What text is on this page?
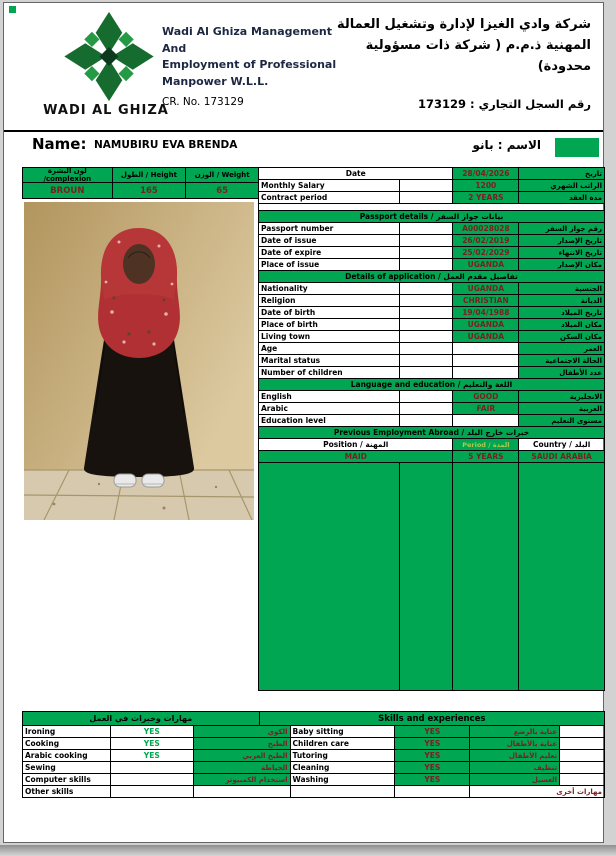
WADI AL GHIZA
Wadi Al Ghiza Management And
Employment of Professional
Manpower W.L.L.
CR. No. 173129
شركة وادي الغيزا لإدارة وتشغيل العمالة
المهنية ذ.م.م ( شركة ذات مسؤولية
محدودة)
رقم السجل التجاري : 173129
Name: NAMUBIRU EVA BRENDA	الاسم : بانو
لون البشرة /complexion	الطول / Height	الوزن / Weight
BROUN	165	65
Date	28/04/2026	تاريخ
Monthly Salary	1200	الراتب الشهري
Contract period	2 YEARS	مدة العقد
Passport details / بيانات جواز السفر
Passport number	A00028028	رقم جواز السفر
Date of issue	26/02/2019	تاريخ الإصدار
Date of expire	25/02/2029	تاريخ الانتهاء
Place of issue	UGANDA	مكان الإصدار
Details of application / تفاصيل مقدم العمل
Nationality	UGANDA	الجنسية
Religion	CHRISTIAN	الديانة
Date of birth	19/04/1988	تاريخ الميلاد
Place of birth	UGANDA	مكان الميلاد
Living town	UGANDA	مكان السكن
Age	العمر
Marital status	الحالة الاجتماعية
Number of children	عدد الأطفال
Language and education / اللغة والتعليم
English	GOOD	الانجليزية
Arabic	FAIR	العربية
Education level	مستوى التعليم
Previous Employment Abroad / خبرات خارج البلد
Position / المهنة	Period / المدة	Country / البلد
MAID	5 YEARS	SAUDI ARABIA
مهارات وخبرات في العمل	Skills and experiences
Ironing	YES	الكوي Baby sitting	YES	عناية بالرضع
Cooking	YES	الطبخ Children care	YES	عناية بالأطفال
Arabic cooking	YES	الطبخ العربي Tutoring	YES	تعليم الأطفال
Sewing	الخياطة Cleaning	YES	تنظيف
Computer skills	استخدام الكمبيوتر Washing	YES	الغسيل
Other skills	مهارات أخرى
